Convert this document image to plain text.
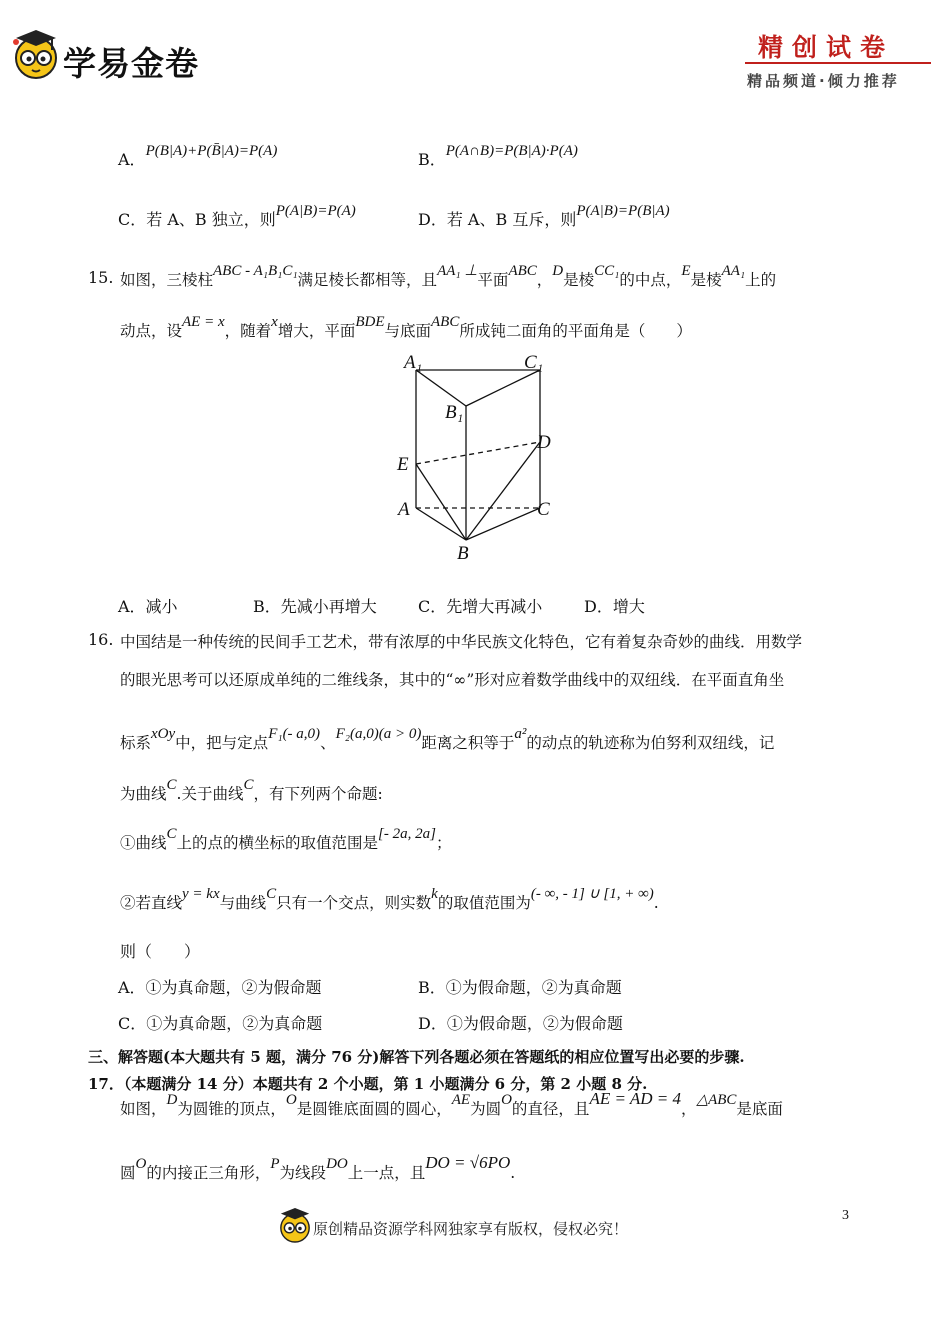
学易金卷	精创试卷
精品频道·倾力推荐
A．P(B|A)+P(B̄|A)=P(A)	B．P(A∩B)=P(B|A)·P(A)
C．若 A、B 独立，则P(A|B)=P(A)	D．若 A、B 互斥，则P(A|B)=P(B|A)
15. 如图，三棱柱ABC - A₁B₁C₁满足棱长都相等，且AA₁ ⊥平面ABC，D是棱CC₁的中点，E是棱AA₁上的
动点，设AE = x，随着x增大，平面BDE与底面ABC所成钝二面角的平面角是（　　）
A₁	C₁
B₁
D
E
A	C
B
A．减小	B．先减小再增大	C．先增大再减小	D．增大
16. 中国结是一种传统的民间手工艺术，带有浓厚的中华民族文化特色，它有着复杂奇妙的曲线．用数学
的眼光思考可以还原成单纯的二维线条，其中的“∞”形对应着数学曲线中的双纽线．在平面直角坐
标系xOy中，把与定点F₁(- a,0)、F₂(a,0)(a > 0)距离之积等于a²的动点的轨迹称为伯努利双纽线，记
为曲线C.关于曲线C，有下列两个命题:
①曲线C上的点的横坐标的取值范围是[- 2a, 2a]；
②若直线y = kx与曲线C只有一个交点，则实数k的取值范围为(- ∞, - 1] ∪ [1, + ∞).
则（　　）
A．①为真命题，②为假命题	B．①为假命题，②为真命题
C．①为真命题，②为真命题	D．①为假命题，②为假命题
三、解答题(本大题共有 5 题，满分 76 分)解答下列各题必须在答题纸的相应位置写出必要的步骤.
17．（本题满分 14 分）本题共有 2 个小题，第 1 小题满分 6 分，第 2 小题 8 分.
如图，D为圆锥的顶点，O是圆锥底面圆的圆心，AE为圆O的直径，且AE = AD = 4，△ABC是底面
圆O的内接正三角形，P为线段DO上一点，且DO = √6PO.
原创精品资源学科网独家享有版权，侵权必究！
3
